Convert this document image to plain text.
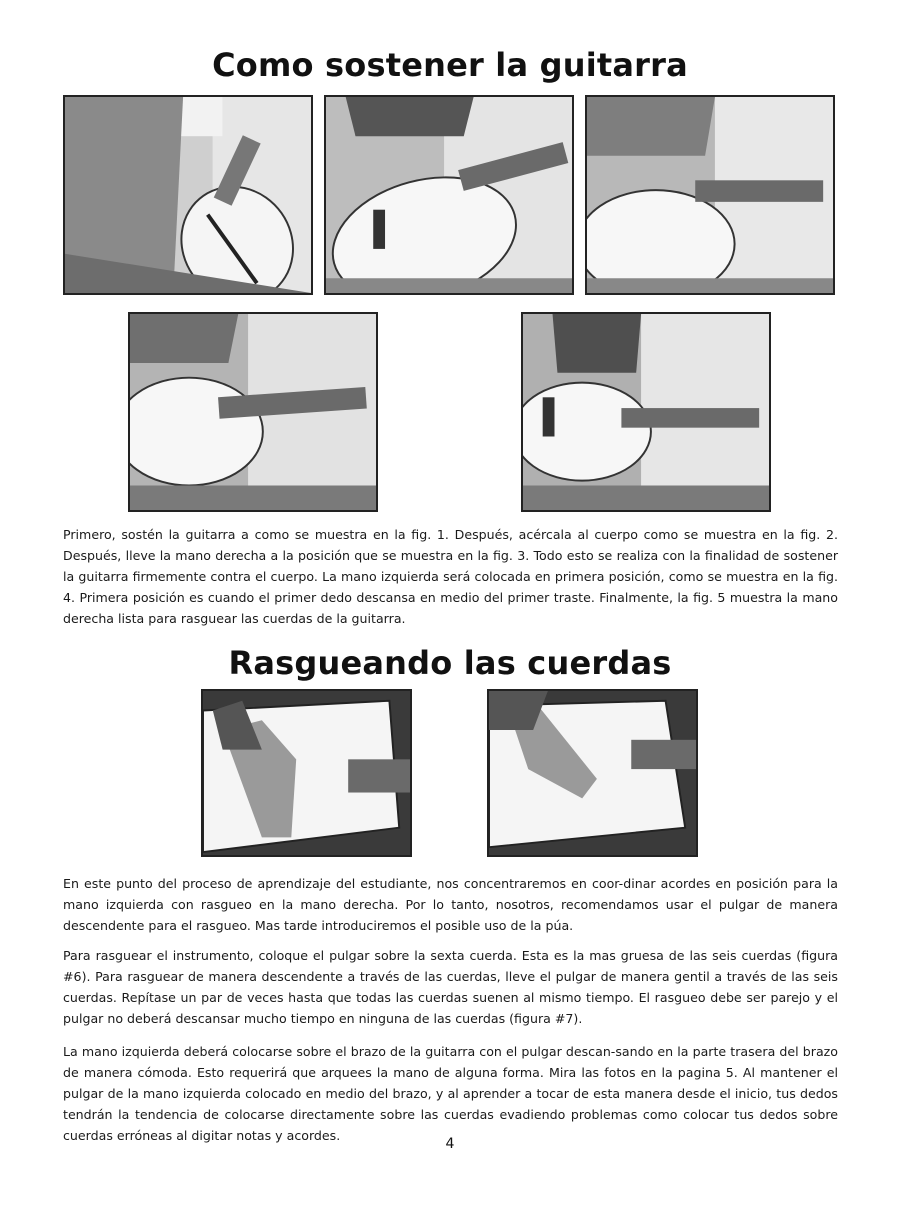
Como sostener la guitarra

Primero, sostén la guitarra a como se muestra en la fig. 1. Después, acércala al cuerpo como se muestra en la fig. 2. Después, lleve la mano derecha a la posición que se muestra en la fig. 3. Todo esto se realiza con la finalidad de sostener la guitarra firmemente contra el cuerpo. La mano izquierda será colocada en primera posición, como se muestra en la fig. 4. Primera posición es cuando el primer dedo descansa en medio del primer traste. Finalmente, la fig. 5 muestra la mano derecha lista para rasguear las cuerdas de la guitarra.

Rasgueando las cuerdas

En este punto del proceso de aprendizaje del estudiante, nos concentraremos en coor-dinar acordes en posición para la mano izquierda con rasgueo en la mano derecha. Por lo tanto, nosotros, recomendamos usar el pulgar de manera descendente para el rasgueo. Mas tarde introduciremos el posible uso de la púa.

Para rasguear el instrumento, coloque el pulgar sobre la sexta cuerda. Esta es la mas gruesa de las seis cuerdas (figura #6). Para rasguear de manera descendente a través de las cuerdas, lleve el pulgar de manera gentil a través de las seis cuerdas. Repítase un par de veces hasta que todas las cuerdas suenen al mismo tiempo. El rasgueo debe ser parejo y el pulgar no deberá descansar mucho tiempo en ninguna de las cuerdas (figura #7).

La mano izquierda deberá colocarse sobre el brazo de la guitarra con el pulgar descan-sando en la parte trasera del brazo de manera cómoda. Esto requerirá que arquees la mano de alguna forma. Mira las fotos en la pagina 5. Al mantener el pulgar de la mano izquierda colocado en medio del brazo, y al aprender a tocar de esta manera desde el inicio, tus dedos tendrán la tendencia de colocarse directamente sobre las cuerdas evadiendo problemas como colocar tus dedos sobre cuerdas erróneas al digitar notas y acordes.

4
